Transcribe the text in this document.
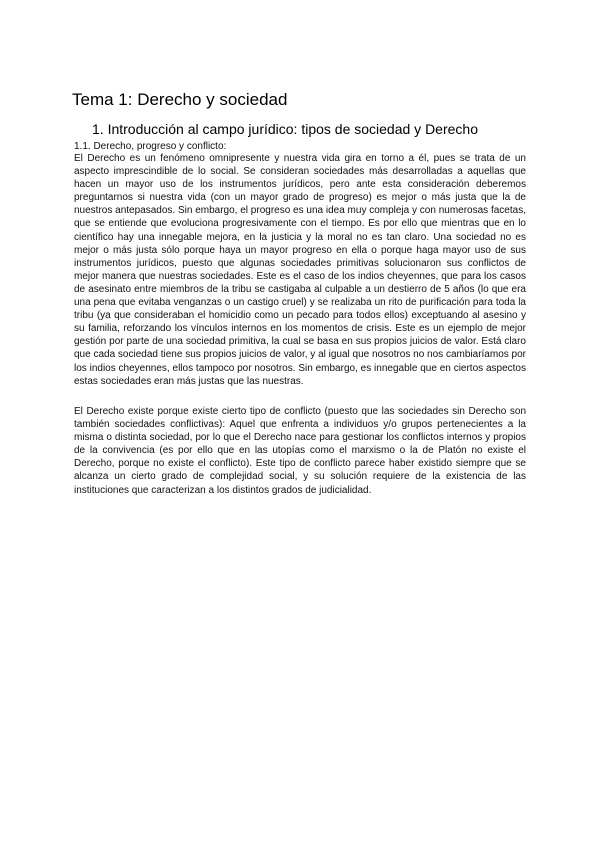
Tema 1: Derecho y sociedad
1. Introducción al campo jurídico: tipos de sociedad y Derecho
1.1. Derecho, progreso y conflicto:

El Derecho es un fenómeno omnipresente y nuestra vida gira en torno a él, pues se trata de un aspecto imprescindible de lo social. Se consideran sociedades más desarrolladas a aquellas que hacen un mayor uso de los instrumentos jurídicos, pero ante esta consideración deberemos preguntarnos si nuestra vida (con un mayor grado de progreso) es mejor o más justa que la de nuestros antepasados. Sin embargo, el progreso es una idea muy compleja y con numerosas facetas, que se entiende que evoluciona progresivamente con el tiempo. Es por ello que mientras que en lo científico hay una innegable mejora, en la justicia y la moral no es tan claro. Una sociedad no es mejor o más justa sólo porque haya un mayor progreso en ella o porque haga mayor uso de sus instrumentos jurídicos, puesto que algunas sociedades primitivas solucionaron sus conflictos de mejor manera que nuestras sociedades. Este es el caso de los indios cheyennes, que para los casos de asesinato entre miembros de la tribu se castigaba al culpable a un destierro de 5 años (lo que era una pena que evitaba venganzas o un castigo cruel) y se realizaba un rito de purificación para toda la tribu (ya que consideraban el homicidio como un pecado para todos ellos) exceptuando al asesino y su familia, reforzando los vínculos internos en los momentos de crisis. Este es un ejemplo de mejor gestión por parte de una sociedad primitiva, la cual se basa en sus propios juicios de valor. Está claro que cada sociedad tiene sus propios juicios de valor, y al igual que nosotros no nos cambiaríamos por los indios cheyennes, ellos tampoco por nosotros. Sin embargo, es innegable que en ciertos aspectos estas sociedades eran más justas que las nuestras.

El Derecho existe porque existe cierto tipo de conflicto (puesto que las sociedades sin Derecho son también sociedades conflictivas): Aquel que enfrenta a individuos y/o grupos pertenecientes a la misma o distinta sociedad, por lo que el Derecho nace para gestionar los conflictos internos y propios de la convivencia (es por ello que en las utopías como el marxismo o la de Platón no existe el Derecho, porque no existe el conflicto). Este tipo de conflicto parece haber existido siempre que se alcanza un cierto grado de complejidad social, y su solución requiere de la existencia de las instituciones que caracterizan a los distintos grados de judicialidad.
